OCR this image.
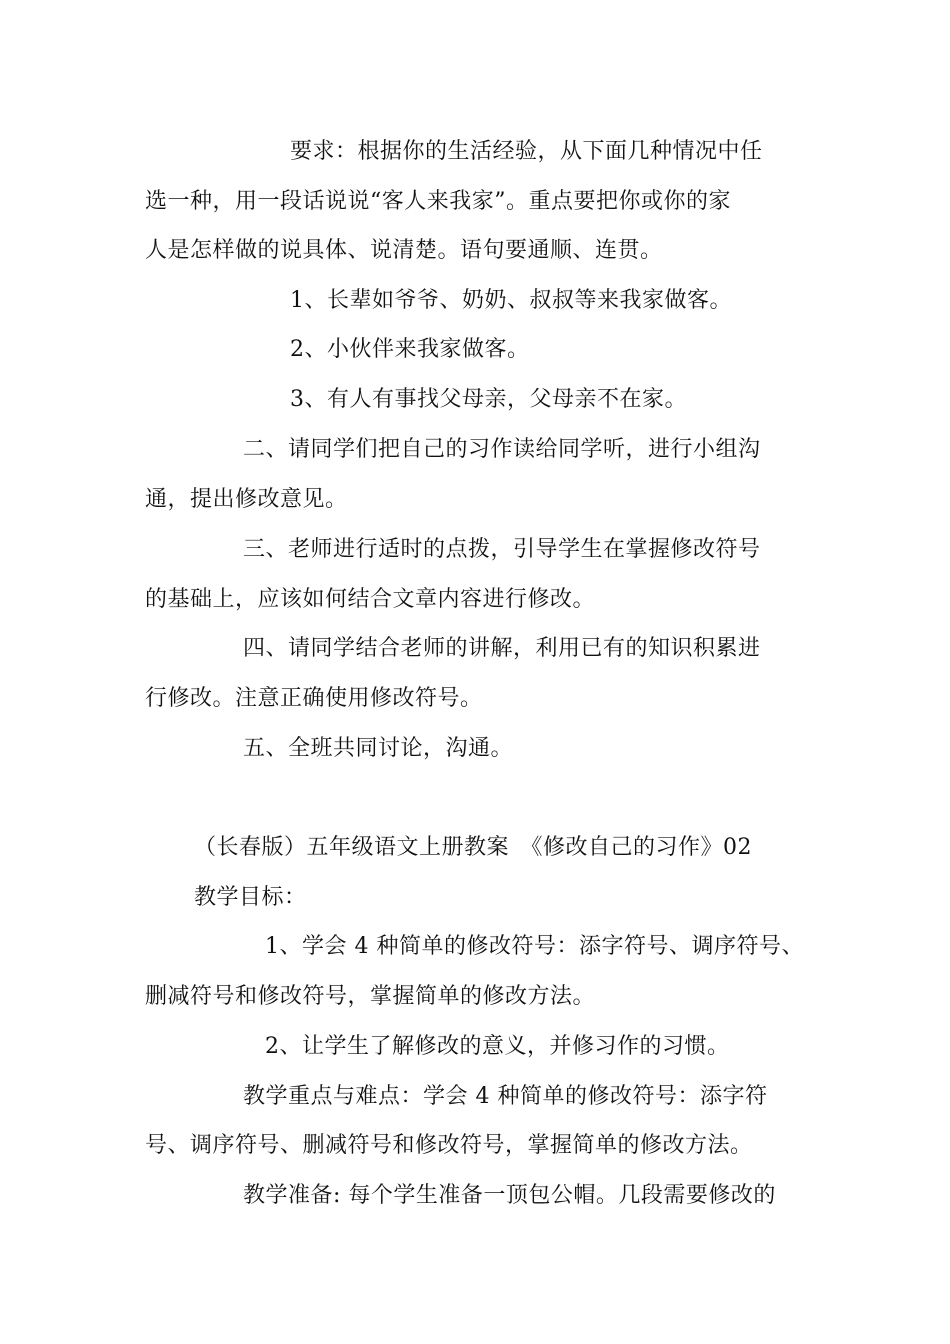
要求：根据你的生活经验，从下面几种情况中任
选一种，用一段话说说“客人来我家”。重点要把你或你的家
人是怎样做的说具体、说清楚。语句要通顺、连贯。
1、长辈如爷爷、奶奶、叔叔等来我家做客。
2、小伙伴来我家做客。
3、有人有事找父母亲，父母亲不在家。
二、请同学们把自己的习作读给同学听，进行小组沟
通，提出修改意见。
三、老师进行适时的点拨，引导学生在掌握修改符号
的基础上，应该如何结合文章内容进行修改。
四、请同学结合老师的讲解，利用已有的知识积累进
行修改。注意正确使用修改符号。
五、全班共同讨论，沟通。
（长春版）五年级语文上册教案　《修改自己的习作》02
教学目标：
1、学会 4 种简单的修改符号：添字符号、调序符号、
删减符号和修改符号，掌握简单的修改方法。
2、让学生了解修改的意义，并修习作的习惯。
教学重点与难点：学会 4 种简单的修改符号：添字符
号、调序符号、删减符号和修改符号，掌握简单的修改方法。
教学准备: 每个学生准备一顶包公帽。几段需要修改的
